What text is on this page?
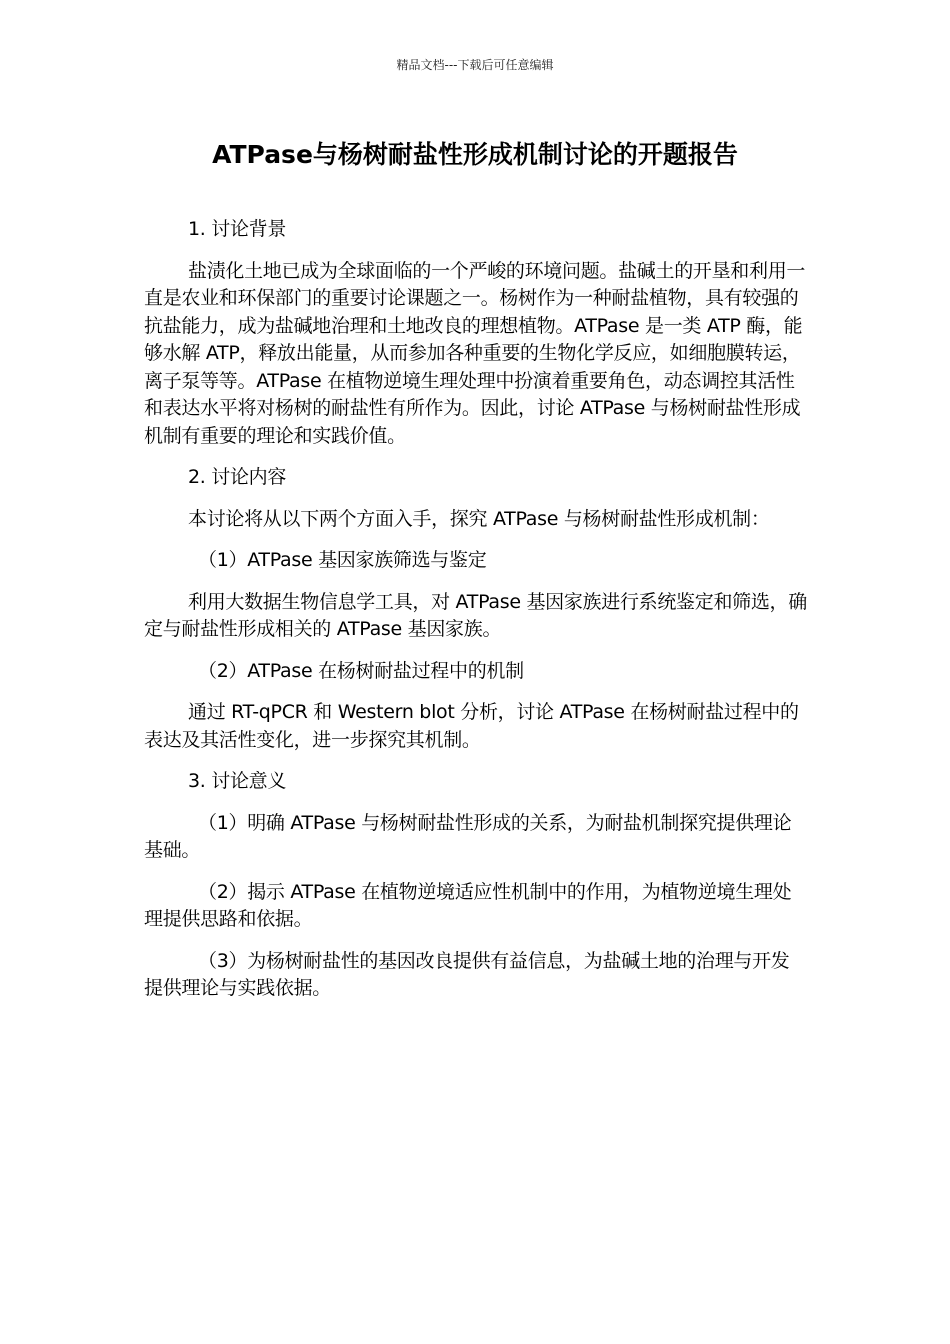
精品文档---下载后可任意编辑
ATPase与杨树耐盐性形成机制讨论的开题报告

1. 讨论背景

盐渍化土地已成为全球面临的一个严峻的环境问题。盐碱土的开垦和利用一直是农业和环保部门的重要讨论课题之一。杨树作为一种耐盐植物，具有较强的抗盐能力，成为盐碱地治理和土地改良的理想植物。ATPase 是一类 ATP 酶，能够水解 ATP，释放出能量，从而参加各种重要的生物化学反应，如细胞膜转运，离子泵等等。ATPase 在植物逆境生理处理中扮演着重要角色，动态调控其活性和表达水平将对杨树的耐盐性有所作为。因此，讨论 ATPase 与杨树耐盐性形成机制有重要的理论和实践价值。

2. 讨论内容

本讨论将从以下两个方面入手，探究 ATPase 与杨树耐盐性形成机制：

（1）ATPase 基因家族筛选与鉴定

利用大数据生物信息学工具，对 ATPase 基因家族进行系统鉴定和筛选，确定与耐盐性形成相关的 ATPase 基因家族。

（2）ATPase 在杨树耐盐过程中的机制

通过 RT-qPCR 和 Western blot 分析，讨论 ATPase 在杨树耐盐过程中的表达及其活性变化，进一步探究其机制。

3. 讨论意义

（1）明确 ATPase 与杨树耐盐性形成的关系，为耐盐机制探究提供理论基础。

（2）揭示 ATPase 在植物逆境适应性机制中的作用，为植物逆境生理处理提供思路和依据。

（3）为杨树耐盐性的基因改良提供有益信息，为盐碱土地的治理与开发提供理论与实践依据。
